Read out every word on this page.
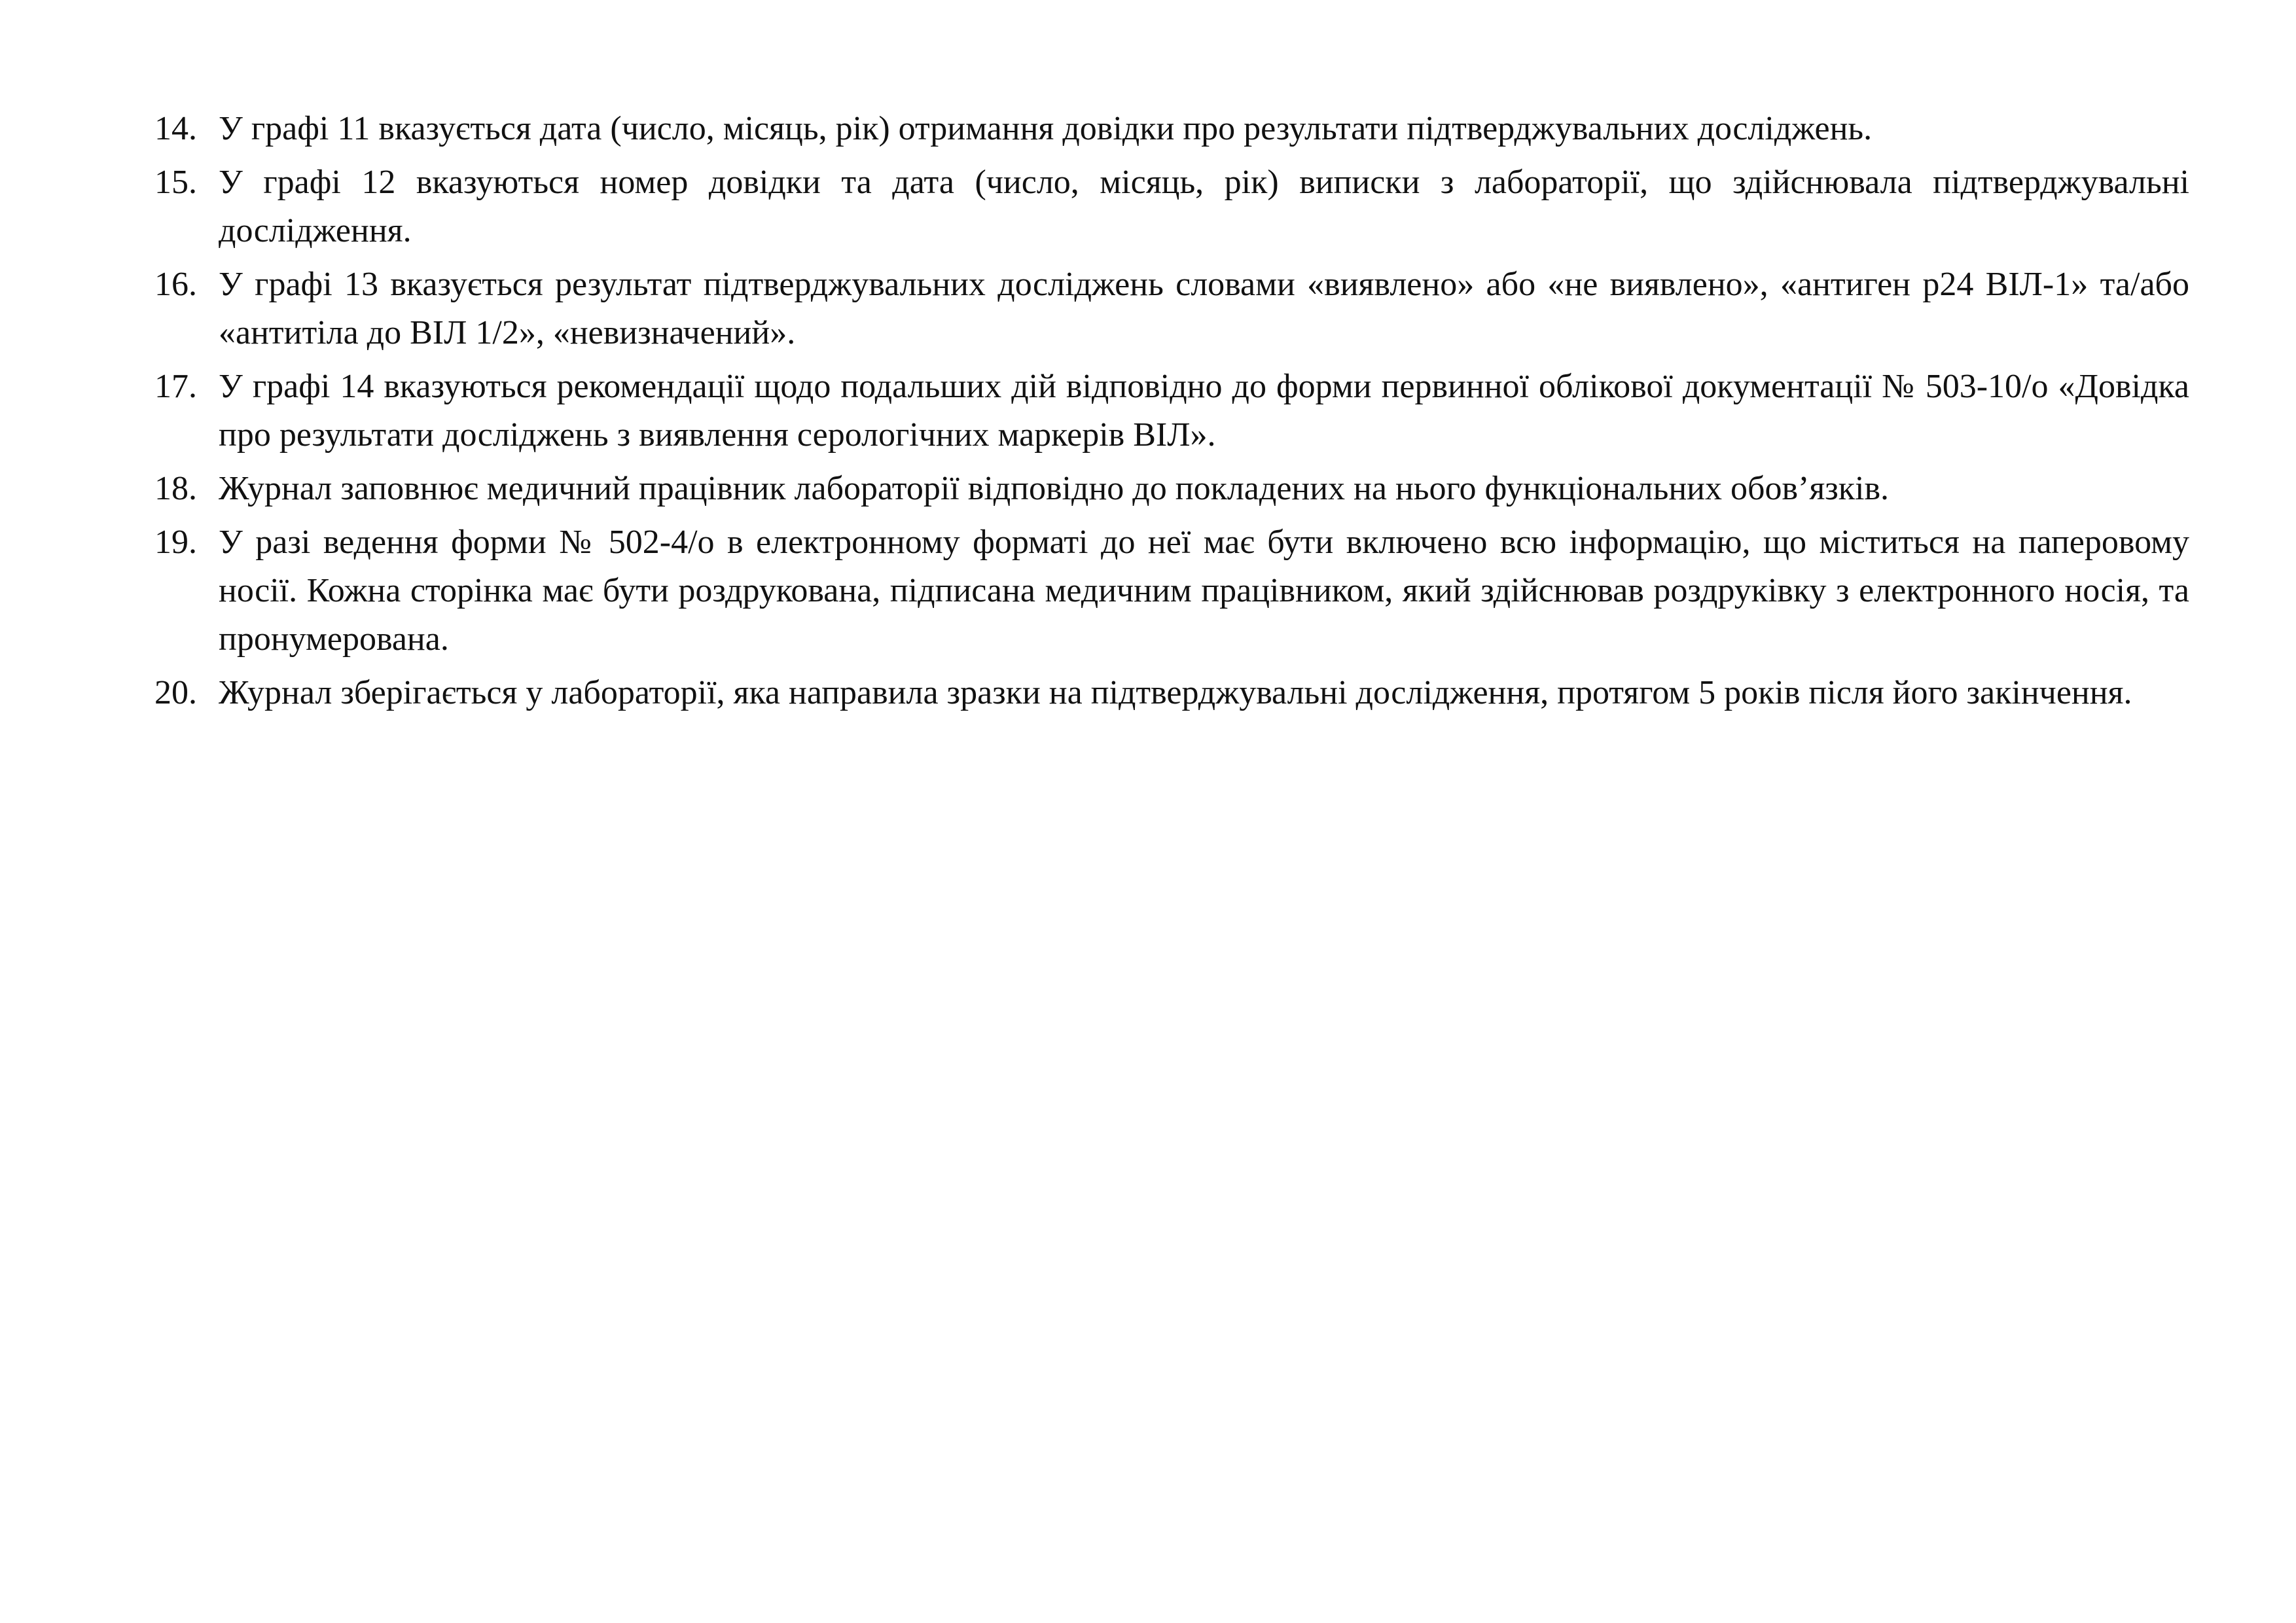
14. У графі 11 вказується дата (число, місяць, рік) отримання довідки про результати підтверджувальних досліджень.
15. У графі 12 вказуються номер довідки та дата (число, місяць, рік) виписки з лабораторії, що здійснювала підтверджувальні дослідження.
16. У графі 13 вказується результат підтверджувальних досліджень словами «виявлено» або «не виявлено», «антиген р24 ВІЛ-1» та/або «антитіла до ВІЛ 1/2», «невизначений».
17. У графі 14 вказуються рекомендації щодо подальших дій відповідно до форми первинної облікової документації № 503-10/о «Довідка про результати досліджень з виявлення серологічних маркерів ВІЛ».
18. Журнал заповнює медичний працівник лабораторії відповідно до покладених на нього функціональних обов’язків.
19. У разі ведення форми № 502-4/о в електронному форматі до неї має бути включено всю інформацію, що міститься на паперовому носії. Кожна сторінка має бути роздрукована, підписана медичним працівником, який здійснював роздруківку з електронного носія, та пронумерована.
20. Журнал зберігається у лабораторії, яка направила зразки на підтверджувальні дослідження, протягом 5 років після його закінчення.
